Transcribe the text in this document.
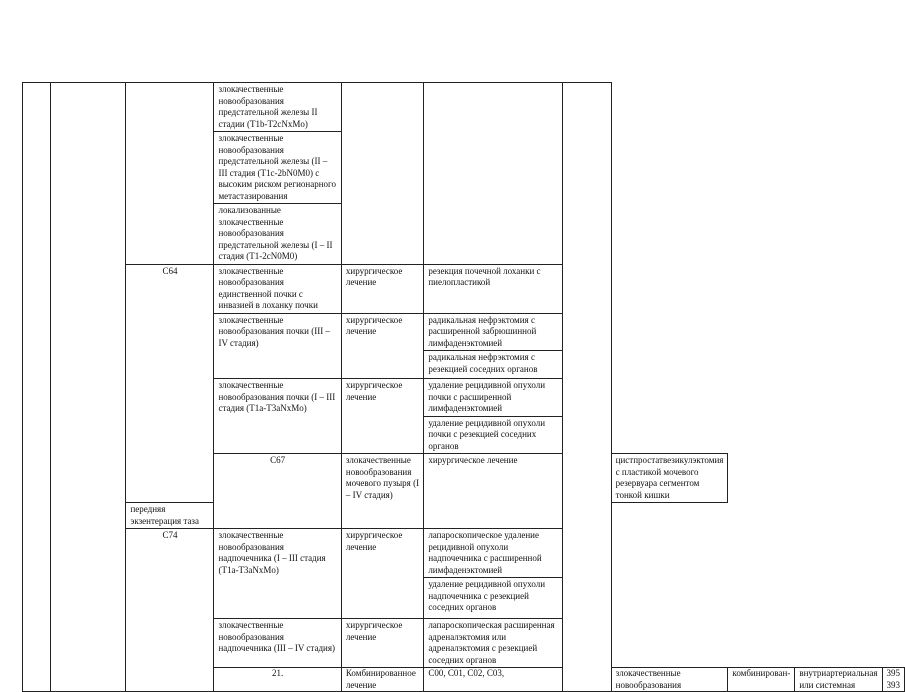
			злокачественные новообразования предстательной железы II стадии (T1b-T2cNxMo)							
			злокачественные новообразования предстательной железы (II – III стадия (T1c-2bN0M0) с высоким риском регионарного метастазирования							
			локализованные злокачественные новообразования предстательной железы (I – II стадия (T1-2cN0M0)							
		C64	злокачественные новообразования единственной почки с инвазией в лоханку почки	хирургическое лечение	резекция почечной лоханки с пиелопластикой					
			злокачественные новообразования почки (III – IV стадия)	хирургическое лечение	радикальная нефрэктомия с расширенной забрюшинной лимфаденэктомией					
					радикальная нефрэктомия с резекцией соседних органов					
			злокачественные новообразования почки (I – III стадия (T1a-T3aNxMo)	хирургическое лечение	удаление рецидивной опухоли почки с расширенной лимфаденэктомией					
					удаление рецидивной опухоли почки с резекцией соседних органов					
			C67	злокачественные новообразования мочевого пузыря (I – IV стадия)	хирургическое лечение		цистпростатвезикулэктомия с пластикой мочевого резервуара сегментом тонкой кишки			
		передняя экзентерация таза								
		C74	злокачественные новообразования надпочечника (I – III стадия (T1a-T3aNxMo)	хирургическое лечение	лапароскопическое удаление рецидивной опухоли надпочечника с расширенной лимфаденэктомией					
					удаление рецидивной опухоли надпочечника с резекцией соседних органов					
			злокачественные новообразования надпочечника (III – IV стадия)	хирургическое лечение	лапароскопическая расширенная адреналэктомия или адреналэктомия с резекцией соседних органов					
			21.	Комбинированное лечение	C00, C01, C02, C03,		злокачественные новообразования	комбинирован-	внутриартериальная или системная	395 393
